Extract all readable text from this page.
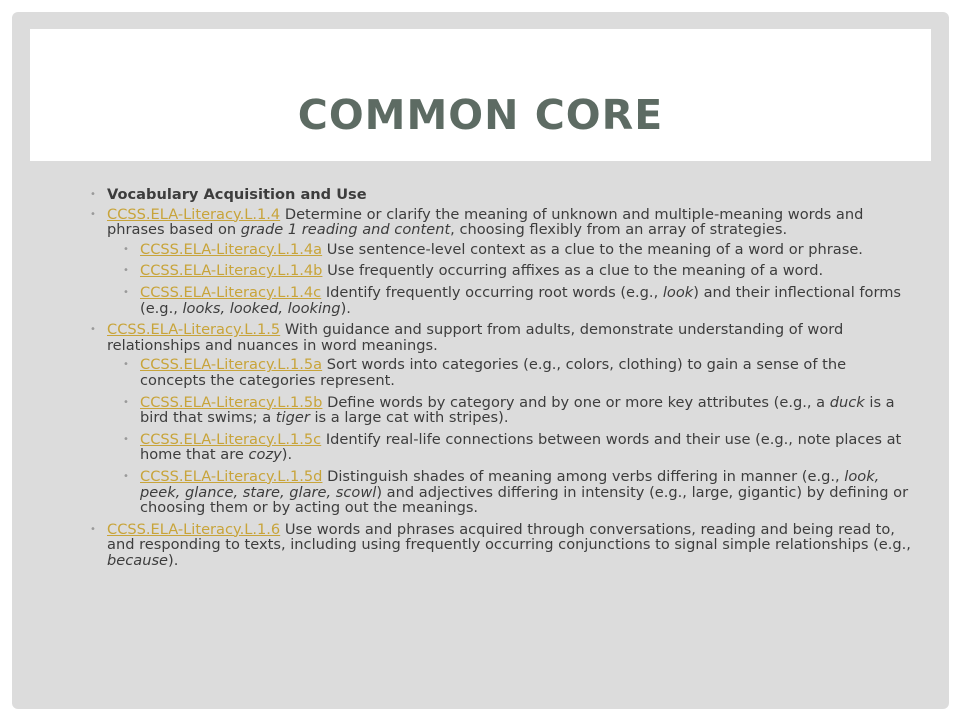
COMMON CORE
• Vocabulary Acquisition and Use

• CCSS.ELA-Literacy.L.1.4 Determine or clarify the meaning of unknown and multiple-meaning words and phrases based on grade 1 reading and content, choosing flexibly from an array of strategies.

• CCSS.ELA-Literacy.L.1.4a Use sentence-level context as a clue to the meaning of a word or phrase.

• CCSS.ELA-Literacy.L.1.4b Use frequently occurring affixes as a clue to the meaning of a word.

• CCSS.ELA-Literacy.L.1.4c Identify frequently occurring root words (e.g., look) and their inflectional forms (e.g., looks, looked, looking).

• CCSS.ELA-Literacy.L.1.5 With guidance and support from adults, demonstrate understanding of word relationships and nuances in word meanings.

• CCSS.ELA-Literacy.L.1.5a Sort words into categories (e.g., colors, clothing) to gain a sense of the concepts the categories represent.

• CCSS.ELA-Literacy.L.1.5b Define words by category and by one or more key attributes (e.g., a duck is a bird that swims; a tiger is a large cat with stripes).

• CCSS.ELA-Literacy.L.1.5c Identify real-life connections between words and their use (e.g., note places at home that are cozy).

• CCSS.ELA-Literacy.L.1.5d Distinguish shades of meaning among verbs differing in manner (e.g., look, peek, glance, stare, glare, scowl) and adjectives differing in intensity (e.g., large, gigantic) by defining or choosing them or by acting out the meanings.

• CCSS.ELA-Literacy.L.1.6 Use words and phrases acquired through conversations, reading and being read to, and responding to texts, including using frequently occurring conjunctions to signal simple relationships (e.g., because).
